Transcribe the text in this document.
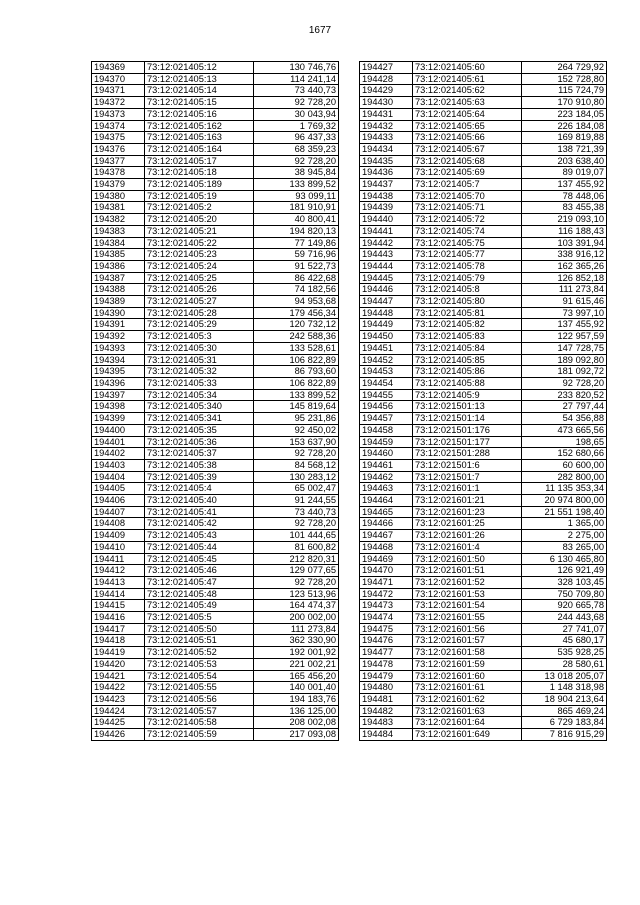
1677
194369	73:12:021405:12	130 746,76
194370	73:12:021405:13	114 241,14
194371	73:12:021405:14	73 440,73
194372	73:12:021405:15	92 728,20
194373	73:12:021405:16	30 043,94
194374	73:12:021405:162	1 769,32
194375	73:12:021405:163	96 437,33
194376	73:12:021405:164	68 359,23
194377	73:12:021405:17	92 728,20
194378	73:12:021405:18	38 945,84
194379	73:12:021405:189	133 899,52
194380	73:12:021405:19	93 099,11
194381	73:12:021405:2	181 910,91
194382	73:12:021405:20	40 800,41
194383	73:12:021405:21	194 820,13
194384	73:12:021405:22	77 149,86
194385	73:12:021405:23	59 716,96
194386	73:12:021405:24	91 522,73
194387	73:12:021405:25	86 422,68
194388	73:12:021405:26	74 182,56
194389	73:12:021405:27	94 953,68
194390	73:12:021405:28	179 456,34
194391	73:12:021405:29	120 732,12
194392	73:12:021405:3	242 588,36
194393	73:12:021405:30	133 528,61
194394	73:12:021405:31	106 822,89
194395	73:12:021405:32	86 793,60
194396	73:12:021405:33	106 822,89
194397	73:12:021405:34	133 899,52
194398	73:12:021405:340	145 819,64
194399	73:12:021405:341	95 231,86
194400	73:12:021405:35	92 450,02
194401	73:12:021405:36	153 637,90
194402	73:12:021405:37	92 728,20
194403	73:12:021405:38	84 568,12
194404	73:12:021405:39	130 283,12
194405	73:12:021405:4	65 002,47
194406	73:12:021405:40	91 244,55
194407	73:12:021405:41	73 440,73
194408	73:12:021405:42	92 728,20
194409	73:12:021405:43	101 444,65
194410	73:12:021405:44	81 600,82
194411	73:12:021405:45	212 820,31
194412	73:12:021405:46	129 077,65
194413	73:12:021405:47	92 728,20
194414	73:12:021405:48	123 513,96
194415	73:12:021405:49	164 474,37
194416	73:12:021405:5	200 002,00
194417	73:12:021405:50	111 273,84
194418	73:12:021405:51	362 330,90
194419	73:12:021405:52	192 001,92
194420	73:12:021405:53	221 002,21
194421	73:12:021405:54	165 456,20
194422	73:12:021405:55	140 001,40
194423	73:12:021405:56	194 183,76
194424	73:12:021405:57	136 125,00
194425	73:12:021405:58	208 002,08
194426	73:12:021405:59	217 093,08
194427	73:12:021405:60	264 729,92
194428	73:12:021405:61	152 728,80
194429	73:12:021405:62	115 724,79
194430	73:12:021405:63	170 910,80
194431	73:12:021405:64	223 184,05
194432	73:12:021405:65	226 184,08
194433	73:12:021405:66	169 819,88
194434	73:12:021405:67	138 721,39
194435	73:12:021405:68	203 638,40
194436	73:12:021405:69	89 019,07
194437	73:12:021405:7	137 455,92
194438	73:12:021405:70	78 448,06
194439	73:12:021405:71	83 455,38
194440	73:12:021405:72	219 093,10
194441	73:12:021405:74	116 188,43
194442	73:12:021405:75	103 391,94
194443	73:12:021405:77	338 916,12
194444	73:12:021405:78	162 365,26
194445	73:12:021405:79	126 852,18
194446	73:12:021405:8	111 273,84
194447	73:12:021405:80	91 615,46
194448	73:12:021405:81	73 997,10
194449	73:12:021405:82	137 455,92
194450	73:12:021405:83	122 957,59
194451	73:12:021405:84	147 728,75
194452	73:12:021405:85	189 092,80
194453	73:12:021405:86	181 092,72
194454	73:12:021405:88	92 728,20
194455	73:12:021405:9	233 820,52
194456	73:12:021501:13	27 797,44
194457	73:12:021501:14	54 356,88
194458	73:12:021501:176	473 665,56
194459	73:12:021501:177	198,65
194460	73:12:021501:288	152 680,66
194461	73:12:021501:6	60 600,00
194462	73:12:021501:7	282 800,00
194463	73:12:021601:1	11 135 353,34
194464	73:12:021601:21	20 974 800,00
194465	73:12:021601:23	21 551 198,40
194466	73:12:021601:25	1 365,00
194467	73:12:021601:26	2 275,00
194468	73:12:021601:4	83 265,00
194469	73:12:021601:50	6 130 465,80
194470	73:12:021601:51	126 921,49
194471	73:12:021601:52	328 103,45
194472	73:12:021601:53	750 709,80
194473	73:12:021601:54	920 665,78
194474	73:12:021601:55	244 443,68
194475	73:12:021601:56	27 741,07
194476	73:12:021601:57	45 680,17
194477	73:12:021601:58	535 928,25
194478	73:12:021601:59	28 580,61
194479	73:12:021601:60	13 018 205,07
194480	73:12:021601:61	1 148 318,98
194481	73:12:021601:62	18 904 213,64
194482	73:12:021601:63	865 469,24
194483	73:12:021601:64	6 729 183,84
194484	73:12:021601:649	7 816 915,29
